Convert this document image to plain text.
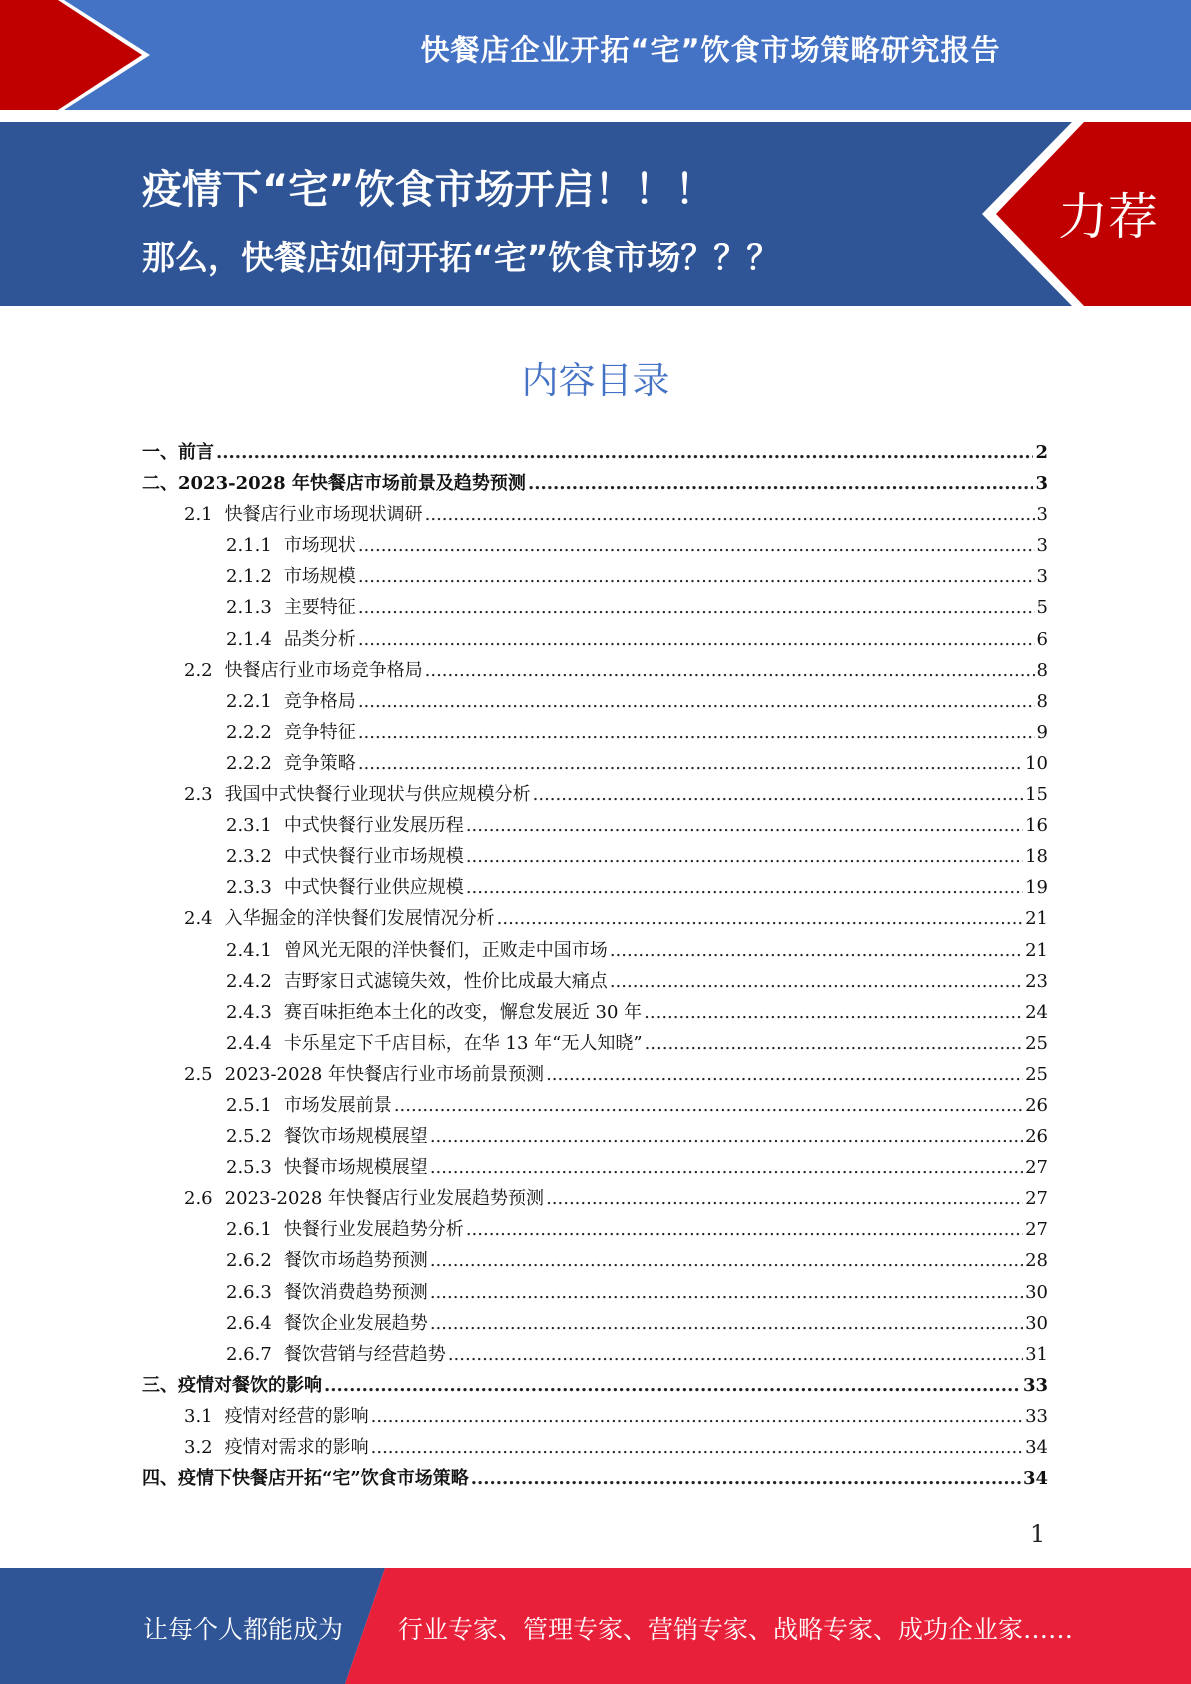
快餐店企业开拓“宅”饮食市场策略研究报告
疫情下“宅”饮食市场开启！！！
那么，快餐店如何开拓“宅”饮食市场？？？
力荐
内容目录
一、 前言 .....	2
二、 2023-2028 年快餐店市场前景及趋势预测 .....	3
2.1 快餐店行业市场现状调研 .....	3
2.1.1 市场现状 .....	3
2.1.2 市场规模 .....	3
2.1.3 主要特征 .....	5
2.1.4 品类分析 .....	6
2.2 快餐店行业市场竞争格局 .....	8
2.2.1 竞争格局 .....	8
2.2.2 竞争特征 .....	9
2.2.2 竞争策略 .....	10
2.3 我国中式快餐行业现状与供应规模分析 .....	15
2.3.1 中式快餐行业发展历程 .....	16
2.3.2 中式快餐行业市场规模 .....	18
2.3.3 中式快餐行业供应规模 .....	19
2.4 入华掘金的洋快餐们发展情况分析 .....	21
2.4.1 曾风光无限的洋快餐们，正败走中国市场 .....	21
2.4.2 吉野家日式滤镜失效，性价比成最大痛点 .....	23
2.4.3 赛百味拒绝本土化的改变，懈怠发展近 30 年 .....	24
2.4.4 卡乐星定下千店目标，在华 13 年“无人知晓” .....	25
2.5 2023-2028 年快餐店行业市场前景预测 .....	25
2.5.1 市场发展前景 .....	26
2.5.2 餐饮市场规模展望 .....	26
2.5.3 快餐市场规模展望 .....	27
2.6 2023-2028 年快餐店行业发展趋势预测 .....	27
2.6.1 快餐行业发展趋势分析 .....	27
2.6.2 餐饮市场趋势预测 .....	28
2.6.3 餐饮消费趋势预测 .....	30
2.6.4 餐饮企业发展趋势 .....	30
2.6.7 餐饮营销与经营趋势 .....	31
三、 疫情对餐饮的影响 .....	33
3.1 疫情对经营的影响 .....	33
3.2 疫情对需求的影响 .....	34
四、 疫情下快餐店开拓“宅”饮食市场策略 .....	34
1
让每个人都能成为 行业专家、管理专家、营销专家、战略专家、成功企业家……
